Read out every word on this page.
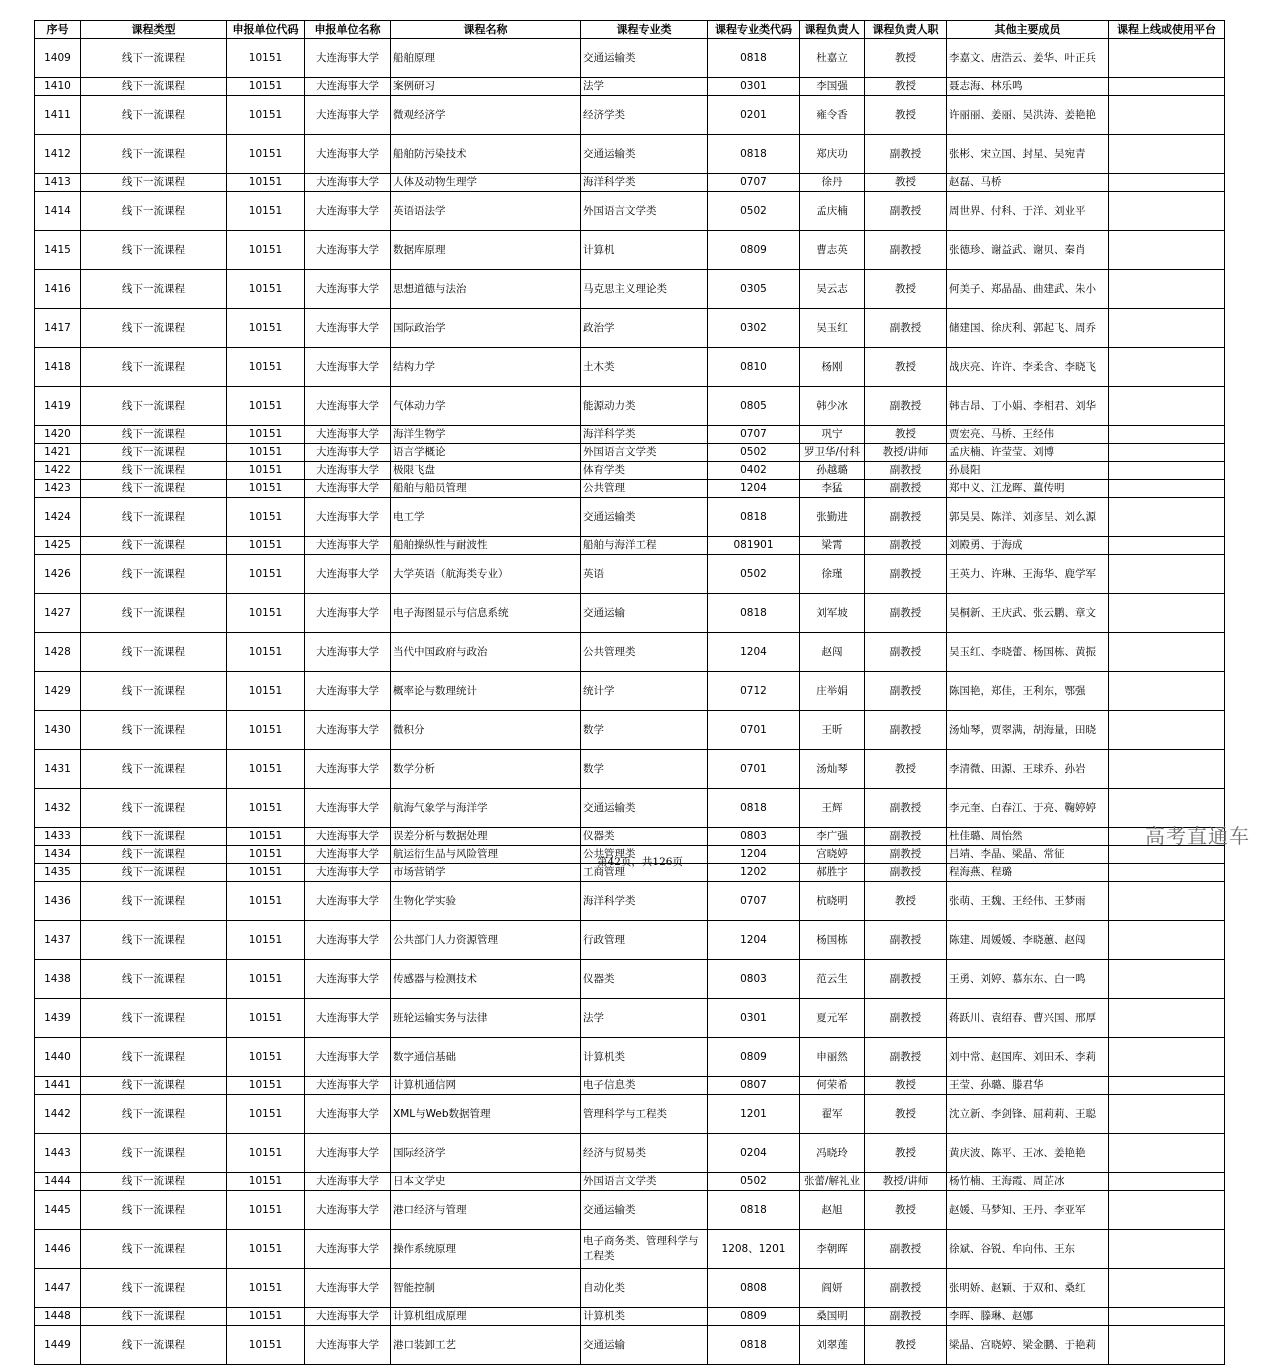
序号	课程类型	申报单位代码	申报单位名称	课程名称	课程专业类	课程专业类代码	课程负责人	课程负责人职	其他主要成员	课程上线或使用平台
1409	线下一流课程	10151	大连海事大学	船舶原理	交通运输类	0818	杜嘉立	教授	李嘉文、唐浩云、姜华、叶正兵	
1410	线下一流课程	10151	大连海事大学	案例研习	法学	0301	李国强	教授	聂志海、林乐鸣	
1411	线下一流课程	10151	大连海事大学	微观经济学	经济学类	0201	雍令香	教授	许丽丽、姜丽、吴洪涛、姜艳艳	
1412	线下一流课程	10151	大连海事大学	船舶防污染技术	交通运输类	0818	郑庆功	副教授	张彬、宋立国、封星、吴宛青	
1413	线下一流课程	10151	大连海事大学	人体及动物生理学	海洋科学类	0707	徐丹	教授	赵磊、马桥	
1414	线下一流课程	10151	大连海事大学	英语语法学	外国语言文学类	0502	孟庆楠	副教授	周世界、付科、于洋、刘业平	
1415	线下一流课程	10151	大连海事大学	数据库原理	计算机	0809	曹志英	副教授	张德珍、谢益武、谢贝、秦肖	
1416	线下一流课程	10151	大连海事大学	思想道德与法治	马克思主义理论类	0305	吴云志	教授	何美子、郑晶晶、曲建武、朱小	
1417	线下一流课程	10151	大连海事大学	国际政治学	政治学	0302	吴玉红	副教授	储建国、徐庆利、郭起飞、周乔	
1418	线下一流课程	10151	大连海事大学	结构力学	土木类	0810	杨刚	教授	战庆亮、许许、李柔含、李晓飞	
1419	线下一流课程	10151	大连海事大学	气体动力学	能源动力类	0805	韩少冰	副教授	韩吉昂、丁小娟、李相君、刘华	
1420	线下一流课程	10151	大连海事大学	海洋生物学	海洋科学类	0707	巩宁	教授	贾宏亮、马桥、王经伟	
1421	线下一流课程	10151	大连海事大学	语言学概论	外国语言文学类	0502	罗卫华/付科	教授/讲师	孟庆楠、许莹莹、刘博	
1422	线下一流课程	10151	大连海事大学	极限飞盘	体育学类	0402	孙越璐	副教授	孙晨阳	
1423	线下一流课程	10151	大连海事大学	船舶与船员管理	公共管理	1204	李猛	副教授	郑中义、江龙晖、薑传明	
1424	线下一流课程	10151	大连海事大学	电工学	交通运输类	0818	张勤进	副教授	郭昊昊、陈洋、刘彦呈、刘么源	
1425	线下一流课程	10151	大连海事大学	船舶操纵性与耐波性	船舶与海洋工程	081901	梁霄	副教授	刘殿勇、于海成	
1426	线下一流课程	10151	大连海事大学	大学英语（航海类专业）	英语	0502	徐瑾	副教授	王英力、许琳、王海华、鹿学军	
1427	线下一流课程	10151	大连海事大学	电子海图显示与信息系统	交通运输	0818	刘军坡	副教授	吴桐新、王庆武、张云鹏、章文	
1428	线下一流课程	10151	大连海事大学	当代中国政府与政治	公共管理类	1204	赵闯	副教授	吴玉红、李晓蕾、杨国栋、黄振	
1429	线下一流课程	10151	大连海事大学	概率论与数理统计	统计学	0712	庄举娟	副教授	陈国艳，郑佳，王利东，鄂强	
1430	线下一流课程	10151	大连海事大学	微积分	数学	0701	王昕	副教授	汤灿琴，贾翠满，胡海量，田晓	
1431	线下一流课程	10151	大连海事大学	数学分析	数学	0701	汤灿琴	教授	李清微、田源、王球乔、孙岩	
1432	线下一流课程	10151	大连海事大学	航海气象学与海洋学	交通运输类	0818	王辉	副教授	李元奎、白春江、于亮、鞠婷婷	
1433	线下一流课程	10151	大连海事大学	误差分析与数据处理	仪器类	0803	李广强	副教授	杜佳璐、周怡然	
1434	线下一流课程	10151	大连海事大学	航运衍生品与风险管理	公共管理类	1204	宫晓婷	副教授	吕靖、李晶、梁晶、常征	
1435	线下一流课程	10151	大连海事大学	市场营销学	工商管理	1202	郝胜宇	副教授	程海燕、程璐	
1436	线下一流课程	10151	大连海事大学	生物化学实验	海洋科学类	0707	杭晓明	教授	张萌、王魏、王经伟、王梦雨	
1437	线下一流课程	10151	大连海事大学	公共部门人力资源管理	行政管理	1204	杨国栋	副教授	陈建、周媛媛、李晓蕙、赵闯	
1438	线下一流课程	10151	大连海事大学	传感器与检测技术	仪器类	0803	范云生	副教授	王勇、刘婷、慕东东、白一鸣	
1439	线下一流课程	10151	大连海事大学	班轮运输实务与法律	法学	0301	夏元军	副教授	蒋跃川、袁绍春、曹兴国、邢厚	
1440	线下一流课程	10151	大连海事大学	数字通信基础	计算机类	0809	申丽然	副教授	刘中常、赵国库、刘田禾、李莉	
1441	线下一流课程	10151	大连海事大学	计算机通信网	电子信息类	0807	何荣希	教授	王莹、孙璐、滕君华	
1442	线下一流课程	10151	大连海事大学	XML与Web数据管理	管理科学与工程类	1201	翟军	教授	沈立新、李剑锋、屈莉莉、王聪	
1443	线下一流课程	10151	大连海事大学	国际经济学	经济与贸易类	0204	冯晓玲	教授	黄庆波、陈平、王冰、姜艳艳	
1444	线下一流课程	10151	大连海事大学	日本文学史	外国语言文学类	0502	张蕾/解礼业	教授/讲师	杨竹楠、王海霞、周芷冰	
1445	线下一流课程	10151	大连海事大学	港口经济与管理	交通运输类	0818	赵旭	教授	赵媛、马梦知、王丹、李亚军	
1446	线下一流课程	10151	大连海事大学	操作系统原理	电子商务类、管理科学与工程类	1208、1201	李朝晖	副教授	徐斌、谷锐、牟向伟、王东	
1447	线下一流课程	10151	大连海事大学	智能控制	自动化类	0808	阎妍	副教授	张明娇、赵颖、于双和、桑红	
1448	线下一流课程	10151	大连海事大学	计算机组成原理	计算机类	0809	桑国明	副教授	李晖、滕琳、赵娜	
1449	线下一流课程	10151	大连海事大学	港口装卸工艺	交通运输	0818	刘翠莲	教授	梁晶、宫晓婷、梁金鹏、于艳莉	
高考直通车
第42页，共126页
